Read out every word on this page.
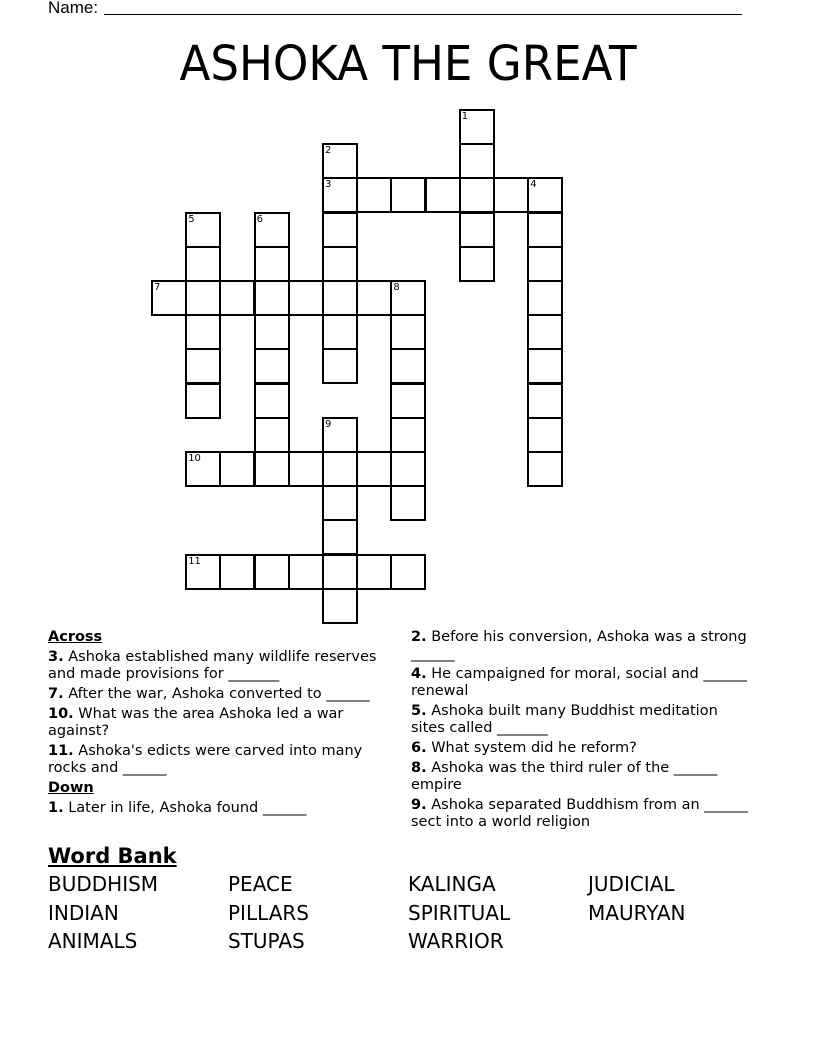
Name:
ASHOKA THE GREAT
1
2
3	4
5	6
7	8
9
10
11
Across
3. Ashoka established many wildlife reserves and made provisions for _______
7. After the war, Ashoka converted to ______
10. What was the area Ashoka led a war against?
11. Ashoka's edicts were carved into many rocks and ______
Down
1. Later in life, Ashoka found ______
2. Before his conversion, Ashoka was a strong ______
4. He campaigned for moral, social and ______ renewal
5. Ashoka built many Buddhist meditation sites called _______
6. What system did he reform?
8. Ashoka was the third ruler of the ______ empire
9. Ashoka separated Buddhism from an ______ sect into a world religion
Word Bank
BUDDHISM	PEACE	KALINGA	JUDICIAL
INDIAN	PILLARS	SPIRITUAL	MAURYAN
ANIMALS	STUPAS	WARRIOR
